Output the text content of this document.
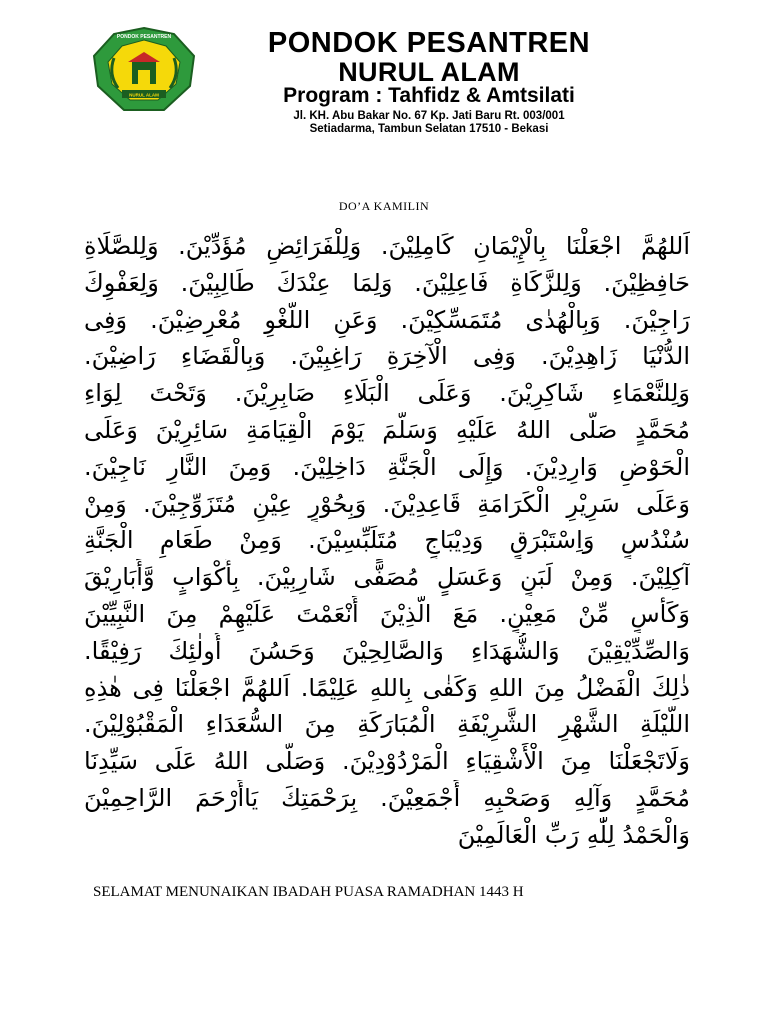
PONDOK PESANTREN
NURUL ALAM
PONDOK PESANTREN
NURUL ALAM
Program : Tahfidz & Amtsilati
Jl. KH. Abu Bakar No. 67 Kp. Jati Baru Rt. 003/001
Setiadarma, Tambun Selatan 17510 - Bekasi
DO’A KAMILIN
اَللهُمَّ اجْعَلْنَا بِالْإِيْمَانِ كَامِلِيْنَ. وَلِلْفَرَائِضِ مُؤَدِّيْنَ. وَلِلصَّلَاةِ
حَافِظِيْنَ. وَلِلزَّكَاةِ فَاعِلِيْنَ. وَلِمَا عِنْدَكَ طَالِبِيْنَ. وَلِعَفْوِكَ
رَاجِيْنَ. وَبِالْهُدٰى مُتَمَسِّكِيْنَ. وَعَنِ اللَّغْوِ مُعْرِضِيْنَ. وَفِى
الدُّنْيَا زَاهِدِيْنَ. وَفِى الْآخِرَةِ رَاغِبِيْنَ. وَبِالْقَضَاءِ رَاضِيْنَ.
وَلِلنَّعْمَاءِ شَاكِرِيْنَ. وَعَلَى الْبَلَاءِ صَابِرِيْنَ. وَتَحْتَ لِوَاءِ
مُحَمَّدٍ صَلَّى اللهُ عَلَيْهِ وَسَلَّمَ يَوْمَ الْقِيَامَةِ سَائِرِيْنَ وَعَلَى
الْحَوْضِ وَارِدِيْنَ. وَإِلَى الْجَنَّةِ دَاخِلِيْنَ. وَمِنَ النَّارِ نَاجِيْنَ.
وَعَلَى سَرِيْرِ الْكَرَامَةِ قَاعِدِيْنَ. وَبِحُوْرٍ عِيْنٍ مُتَزَوِّجِيْنَ. وَمِنْ
سُنْدُسٍ وَاِسْتَبْرَقٍ وَدِيْبَاجٍ مُتَلَبِّسِيْنَ. وَمِنْ طَعَامِ الْجَنَّةِ
آكِلِيْنَ. وَمِنْ لَبَنٍ وَعَسَلٍ مُصَفًّى شَارِبِيْنَ. بِأَكْوَابٍ وَّأَبَارِيْقَ
وَكَأْسٍ مِّنْ مَعِيْنٍ. مَعَ الَّذِيْنَ أَنْعَمْتَ عَلَيْهِمْ مِنَ النَّبِيِّيْنَ
وَالصِّدِّيْقِيْنَ وَالشُّهَدَاءِ وَالصَّالِحِيْنَ وَحَسُنَ أُولٰئِكَ رَفِيْقًا.
ذٰلِكَ الْفَضْلُ مِنَ اللهِ وَكَفٰى بِاللهِ عَلِيْمًا. اَللهُمَّ اجْعَلْنَا فِى هٰذِهِ
اللَّيْلَةِ الشَّهْرِ الشَّرِيْفَةِ الْمُبَارَكَةِ مِنَ السُّعَدَاءِ الْمَقْبُوْلِيْنَ.
وَلَاتَجْعَلْنَا مِنَ الْأَشْقِيَاءِ الْمَرْدُوْدِيْنَ. وَصَلَّى اللهُ عَلَى سَيِّدِنَا
مُحَمَّدٍ وَآلِهِ وَصَحْبِهِ أَجْمَعِيْنَ. بِرَحْمَتِكَ يَاأَرْحَمَ الرَّاحِمِيْنَ
وَالْحَمْدُ لِلّٰهِ رَبِّ الْعَالَمِيْنَ
SELAMAT MENUNAIKAN IBADAH PUASA RAMADHAN 1443 H
